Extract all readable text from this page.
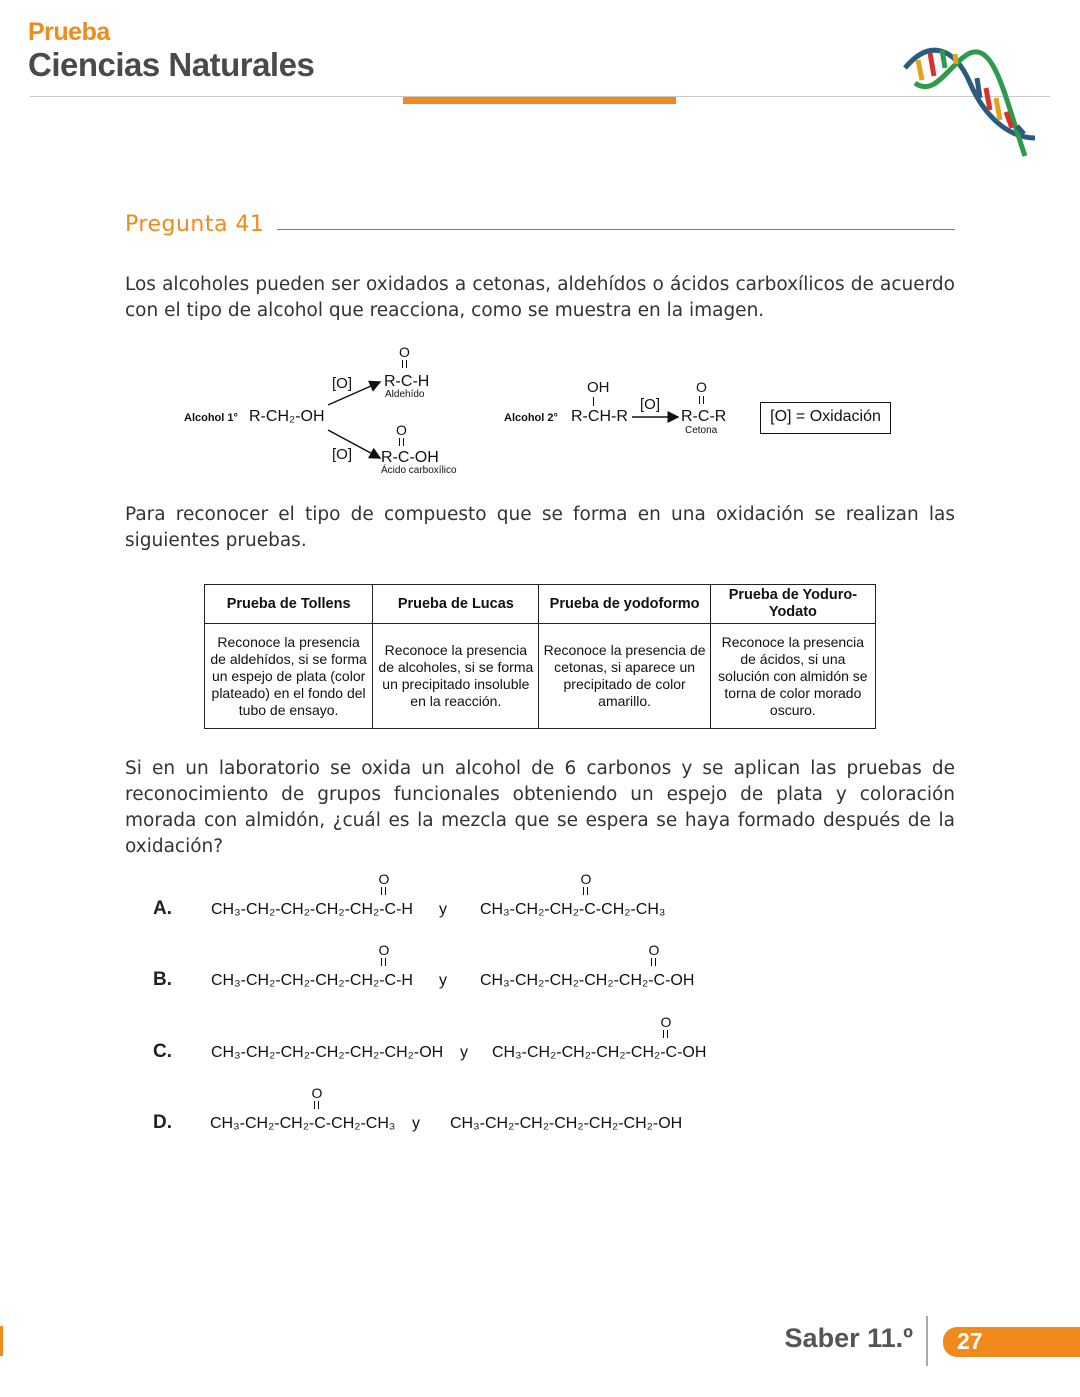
Prueba
Ciencias Naturales
Pregunta 41
Los alcoholes pueden ser oxidados a cetonas, aldehídos o ácidos carboxílicos de acuerdo con el tipo de alcohol que reacciona, como se muestra en la imagen.
Alcohol 1° R-CH₂-OH
[O]
[O]
O
R-C-H
Aldehído
O
R-C-OH
Ácido carboxílico
Alcohol 2°
OH
R-CH-R
[O]
O
R-C-R
Cetona
[O] = Oxidación
Para reconocer el tipo de compuesto que se forma en una oxidación se realizan las siguientes pruebas.
Prueba de Tollens	Prueba de Lucas	Prueba de yodoformo	Prueba de Yoduro-Yodato
Reconoce la presencia de aldehídos, si se forma un espejo de plata (color plateado) en el fondo del tubo de ensayo.	Reconoce la presencia de alcoholes, si se forma un precipitado insoluble en la reacción.	Reconoce la presencia de cetonas, si aparece un precipitado de color amarillo.	Reconoce la presencia de ácidos, si una solución con almidón se torna de color morado oscuro.
Si en un laboratorio se oxida un alcohol de 6 carbonos y se aplican las pruebas de reconocimiento de grupos funcionales obteniendo un espejo de plata y coloración morada con almidón, ¿cuál es la mezcla que se espera se haya formado después de la oxidación?
A.
O
CH₃-CH₂-CH₂-CH₂-CH₂-C-H y
O
CH₃-CH₂-CH₂-C-CH₂-CH₃
B.
O
CH₃-CH₂-CH₂-CH₂-CH₂-C-H y
O
CH₃-CH₂-CH₂-CH₂-CH₂-C-OH
C. CH₃-CH₂-CH₂-CH₂-CH₂-CH₂-OH y
O
CH₃-CH₂-CH₂-CH₂-CH₂-C-OH
D.
O
CH₃-CH₂-CH₂-C-CH₂-CH₃ y CH₃-CH₂-CH₂-CH₂-CH₂-CH₂-OH
Saber 11.º 27
